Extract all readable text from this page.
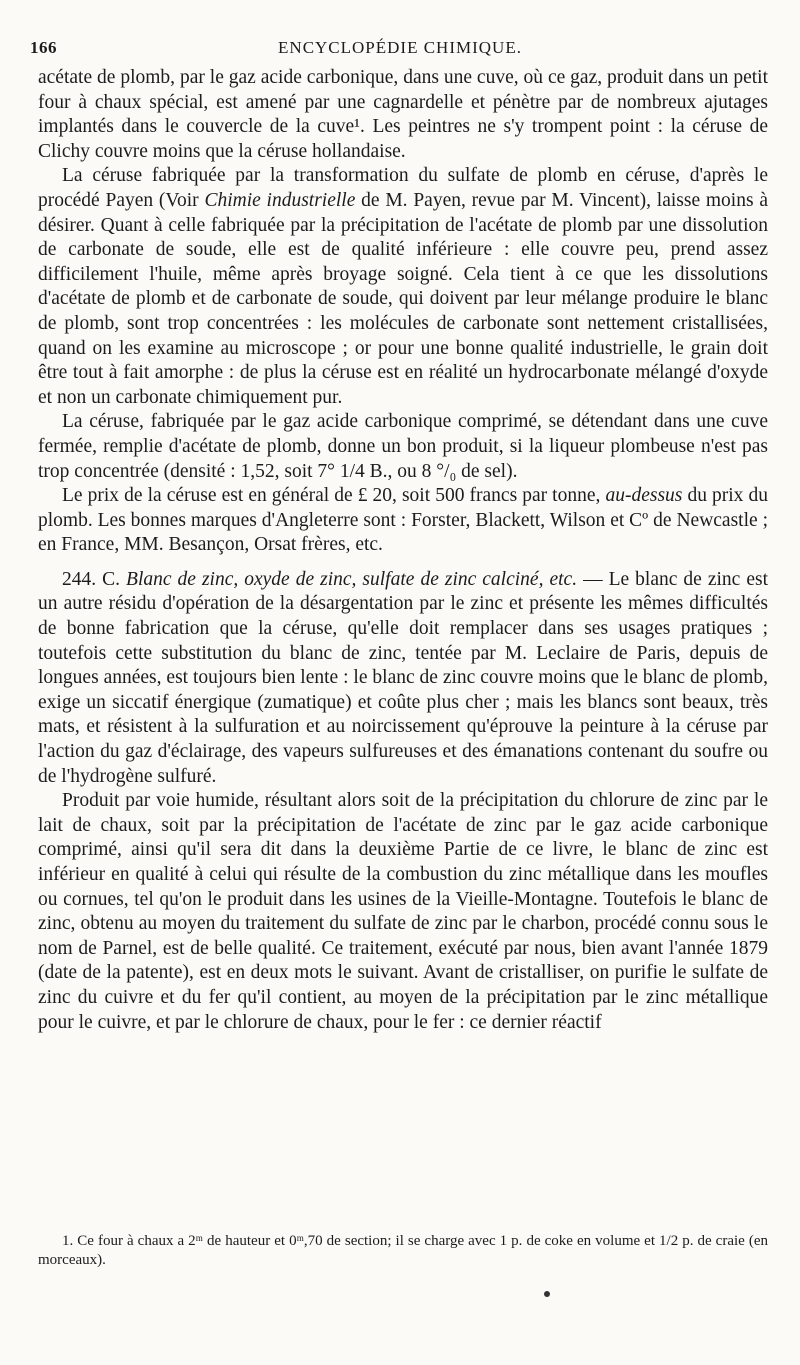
166	ENCYCLOPÉDIE CHIMIQUE.

acétate de plomb, par le gaz acide carbonique, dans une cuve, où ce gaz, produit dans un petit four à chaux spécial, est amené par une cagnardelle et pénètre par de nombreux ajutages implantés dans le couvercle de la cuve¹. Les peintres ne s'y trompent point : la céruse de Clichy couvre moins que la céruse hollandaise.

La céruse fabriquée par la transformation du sulfate de plomb en céruse, d'après le procédé Payen (Voir Chimie industrielle de M. Payen, revue par M. Vincent), laisse moins à désirer. Quant à celle fabriquée par la précipitation de l'acétate de plomb par une dissolution de carbonate de soude, elle est de qualité inférieure : elle couvre peu, prend assez difficilement l'huile, même après broyage soigné. Cela tient à ce que les dissolutions d'acétate de plomb et de carbonate de soude, qui doivent par leur mélange produire le blanc de plomb, sont trop concentrées : les molécules de carbonate sont nettement cristallisées, quand on les examine au microscope ; or pour une bonne qualité industrielle, le grain doit être tout à fait amorphe : de plus la céruse est en réalité un hydrocarbonate mélangé d'oxyde et non un carbonate chimiquement pur.

La céruse, fabriquée par le gaz acide carbonique comprimé, se détendant dans une cuve fermée, remplie d'acétate de plomb, donne un bon produit, si la liqueur plombeuse n'est pas trop concentrée (densité : 1,52, soit 7° 1/4 B., ou 8 °/₀ de sel).

Le prix de la céruse est en général de £ 20, soit 500 francs par tonne, au-dessus du prix du plomb. Les bonnes marques d'Angleterre sont : Forster, Blackett, Wilson et Cº de Newcastle ; en France, MM. Besançon, Orsat frères, etc.

244. C. Blanc de zinc, oxyde de zinc, sulfate de zinc calciné, etc. — Le blanc de zinc est un autre résidu d'opération de la désargentation par le zinc et présente les mêmes difficultés de bonne fabrication que la céruse, qu'elle doit remplacer dans ses usages pratiques ; toutefois cette substitution du blanc de zinc, tentée par M. Leclaire de Paris, depuis de longues années, est toujours bien lente : le blanc de zinc couvre moins que le blanc de plomb, exige un siccatif énergique (zumatique) et coûte plus cher ; mais les blancs sont beaux, très mats, et résistent à la sulfuration et au noircissement qu'éprouve la peinture à la céruse par l'action du gaz d'éclairage, des vapeurs sulfureuses et des émanations contenant du soufre ou de l'hydrogène sulfuré.

Produit par voie humide, résultant alors soit de la précipitation du chlorure de zinc par le lait de chaux, soit par la précipitation de l'acétate de zinc par le gaz acide carbonique comprimé, ainsi qu'il sera dit dans la deuxième Partie de ce livre, le blanc de zinc est inférieur en qualité à celui qui résulte de la combustion du zinc métallique dans les moufles ou cornues, tel qu'on le produit dans les usines de la Vieille-Montagne. Toutefois le blanc de zinc, obtenu au moyen du traitement du sulfate de zinc par le charbon, procédé connu sous le nom de Parnel, est de belle qualité. Ce traitement, exécuté par nous, bien avant l'année 1879 (date de la patente), est en deux mots le suivant. Avant de cristalliser, on purifie le sulfate de zinc du cuivre et du fer qu'il contient, au moyen de la précipitation par le zinc métallique pour le cuivre, et par le chlorure de chaux, pour le fer : ce dernier réactif

1. Ce four à chaux a 2ᵐ de hauteur et 0ᵐ,70 de section; il se charge avec 1 p. de coke en volume et 1/2 p. de craie (en morceaux).
